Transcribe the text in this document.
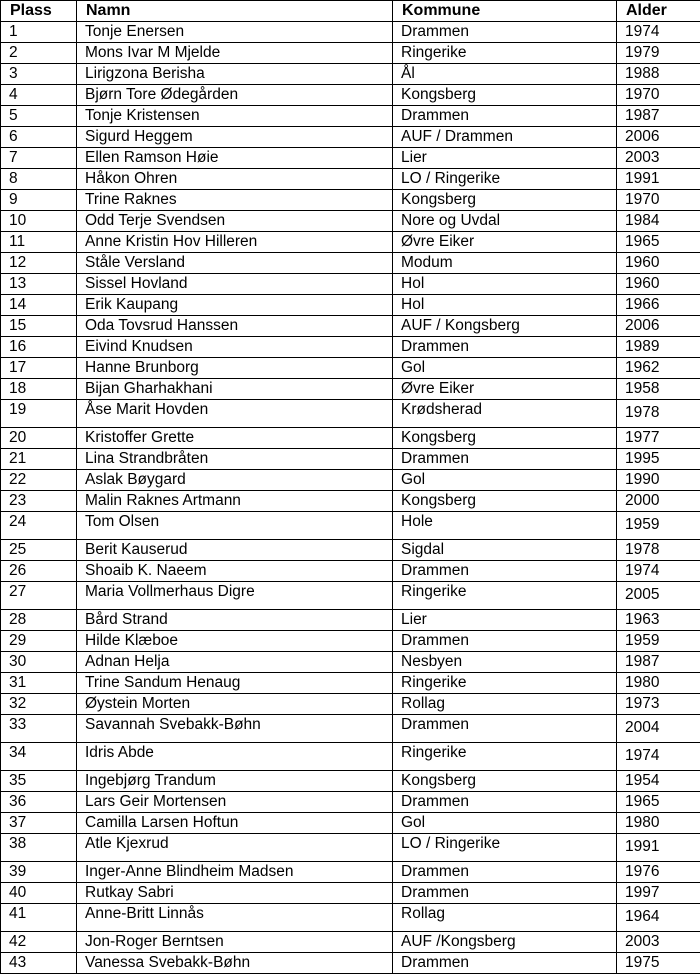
Plass	Namn	Kommune	Alder
1	Tonje Enersen	Drammen	1974
2	Mons Ivar M Mjelde	Ringerike	1979
3	Lirigzona Berisha	Ål	1988
4	Bjørn Tore Ødegården	Kongsberg	1970
5	Tonje Kristensen	Drammen	1987
6	Sigurd Heggem	AUF / Drammen	2006
7	Ellen Ramson Høie	Lier	2003
8	Håkon Ohren	LO / Ringerike	1991
9	Trine Raknes	Kongsberg	1970
10	Odd Terje Svendsen	Nore og Uvdal	1984
11	Anne Kristin Hov Hilleren	Øvre Eiker	1965
12	Ståle Versland	Modum	1960
13	Sissel Hovland	Hol	1960
14	Erik Kaupang	Hol	1966
15	Oda Tovsrud Hanssen	AUF / Kongsberg	2006
16	Eivind Knudsen	Drammen	1989
17	Hanne Brunborg	Gol	1962
18	Bijan Gharhakhani	Øvre Eiker	1958
19	Åse Marit Hovden	Krødsherad	1978
20	Kristoffer Grette	Kongsberg	1977
21	Lina Strandbråten	Drammen	1995
22	Aslak Bøygard	Gol	1990
23	Malin Raknes Artmann	Kongsberg	2000
24	Tom Olsen	Hole	1959
25	Berit Kauserud	Sigdal	1978
26	Shoaib K. Naeem	Drammen	1974
27	Maria Vollmerhaus Digre	Ringerike	2005
28	Bård Strand	Lier	1963
29	Hilde Klæboe	Drammen	1959
30	Adnan Helja	Nesbyen	1987
31	Trine Sandum Henaug	Ringerike	1980
32	Øystein Morten	Rollag	1973
33	Savannah Svebakk-Bøhn	Drammen	2004
34	Idris Abde	Ringerike	1974
35	Ingebjørg Trandum	Kongsberg	1954
36	Lars Geir Mortensen	Drammen	1965
37	Camilla Larsen Hoftun	Gol	1980
38	Atle Kjexrud	LO / Ringerike	1991
39	Inger-Anne Blindheim Madsen	Drammen	1976
40	Rutkay Sabri	Drammen	1997
41	Anne-Britt Linnås	Rollag	1964
42	Jon-Roger Berntsen	AUF /Kongsberg	2003
43	Vanessa Svebakk-Bøhn	Drammen	1975
